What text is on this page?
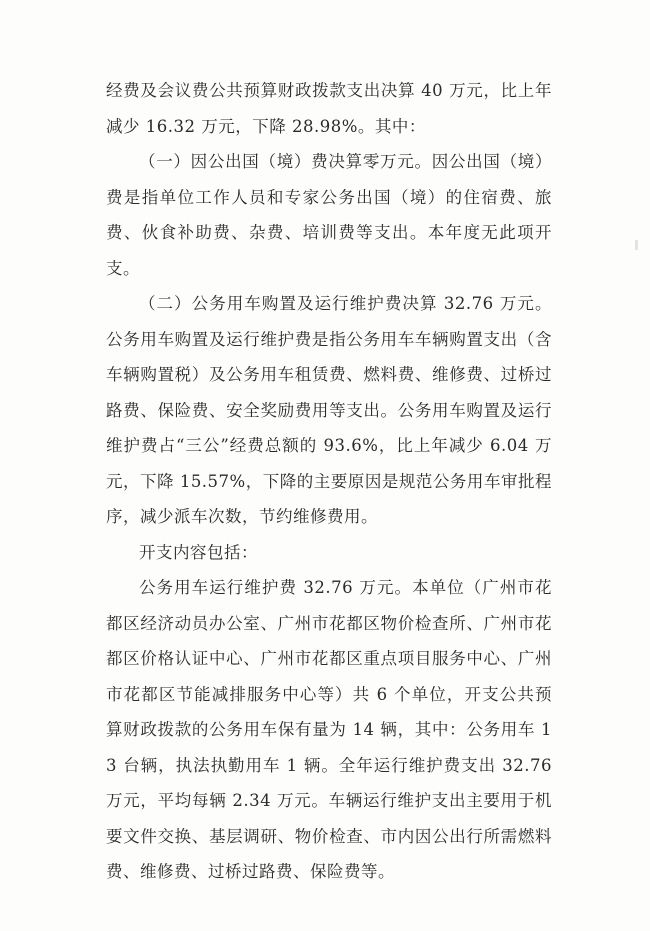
经费及会议费公共预算财政拨款支出决算 40 万元，比上年减少 16.32 万元，下降 28.98%。其中：

（一）因公出国（境）费决算零万元。因公出国（境）费是指单位工作人员和专家公务出国（境）的住宿费、旅费、伙食补助费、杂费、培训费等支出。本年度无此项开支。

（二）公务用车购置及运行维护费决算 32.76 万元。公务用车购置及运行维护费是指公务用车车辆购置支出（含车辆购置税）及公务用车租赁费、燃料费、维修费、过桥过路费、保险费、安全奖励费用等支出。公务用车购置及运行维护费占“三公”经费总额的 93.6%，比上年减少 6.04 万元，下降 15.57%，下降的主要原因是规范公务用车审批程序，减少派车次数，节约维修费用。

开支内容包括：

公务用车运行维护费 32.76 万元。本单位（广州市花都区经济动员办公室、广州市花都区物价检查所、广州市花都区价格认证中心、广州市花都区重点项目服务中心、广州市花都区节能减排服务中心等）共 6 个单位，开支公共预算财政拨款的公务用车保有量为 14 辆，其中：公务用车 13 台辆，执法执勤用车 1 辆。全年运行维护费支出 32.76 万元，平均每辆 2.34 万元。车辆运行维护支出主要用于机要文件交换、基层调研、物价检查、市内因公出行所需燃料费、维修费、过桥过路费、保险费等。
